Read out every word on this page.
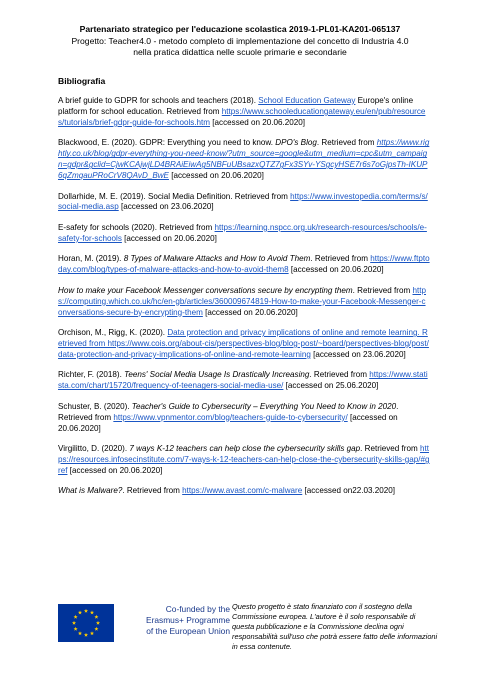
Partenariato strategico per l'educazione scolastica 2019-1-PL01-KA201-065137
Progetto: Teacher4.0 - metodo completo di implementazione del concetto di Industria 4.0
nella pratica didattica nelle scuole primarie e secondarie
Bibliografia

A brief guide to GDPR for schools and teachers (2018). School Education Gateway Europe's online platform for school education. Retrieved from https://www.schooleducationgateway.eu/en/pub/resources/tutorials/brief-gdpr-guide-for-schools.htm [accessed on 20.06.2020]

Blackwood, E. (2020). GDPR: Everything you need to know. DPO's Blog. Retrieved from https://www.rightly.co.uk/blog/gdpr-everything-you-need-know/?utm_source=google&utm_medium=cpc&utm_campaign=gdpr&gclid=CjwKCAjwjLD4BRAiEiwAg5NBFuUBsazxQTZ7gFx3SYv-YSgcyHSE7r6s7oGjpsTh-IKUP6qZmqauPRoCrV8QAvD_BwE [accessed on 20.06.2020]

Dollarhide, M. E. (2019). Social Media Definition. Retrieved from https://www.investopedia.com/terms/s/social-media.asp [accessed on 23.06.2020]

E-safety for schools (2020). Retrieved from https://learning.nspcc.org.uk/research-resources/schools/e-safety-for-schools [accessed on 20.06.2020]

Horan, M. (2019). 8 Types of Malware Attacks and How to Avoid Them. Retrieved from https://www.ftptoday.com/blog/types-of-malware-attacks-and-how-to-avoid-them8 [accessed on 20.06.2020]

How to make your Facebook Messenger conversations secure by encrypting them. Retrieved from https://computing.which.co.uk/hc/en-gb/articles/360009674819-How-to-make-your-Facebook-Messenger-conversations-secure-by-encrypting-them [accessed on 20.06.2020]

Orchison, M., Rigg, K. (2020). Data protection and privacy implications of online and remote learning. Retrieved from https://www.cois.org/about-cis/perspectives-blog/blog-post/~board/perspectives-blog/post/data-protection-and-privacy-implications-of-online-and-remote-learning [accessed on 23.06.2020]

Richter, F. (2018). Teens' Social Media Usage Is Drastically Increasing. Retrieved from https://www.statista.com/chart/15720/frequency-of-teenagers-social-media-use/ [accessed on 25.06.2020]

Schuster, B. (2020). Teacher's Guide to Cybersecurity – Everything You Need to Know in 2020. Retrieved from https://www.vpnmentor.com/blog/teachers-guide-to-cybersecurity/ [accessed on 20.06.2020]

Virgilitto, D. (2020). 7 ways K-12 teachers can help close the cybersecurity skills gap. Retrieved from https://resources.infosecinstitute.com/7-ways-k-12-teachers-can-help-close-the-cybersecurity-skills-gap/#gref [accessed on 20.06.2020]

What is Malware?. Retrieved from https://www.avast.com/c-malware [accessed on22.03.2020]

Co-funded by the
Erasmus+ Programme
of the European Union
Questo progetto è stato finanziato con il sostegno della Commissione europea. L'autore è il solo responsabile di questa pubblicazione e la Commissione declina ogni responsabilità sull'uso che potrà essere fatto delle informazioni in essa contenute.
